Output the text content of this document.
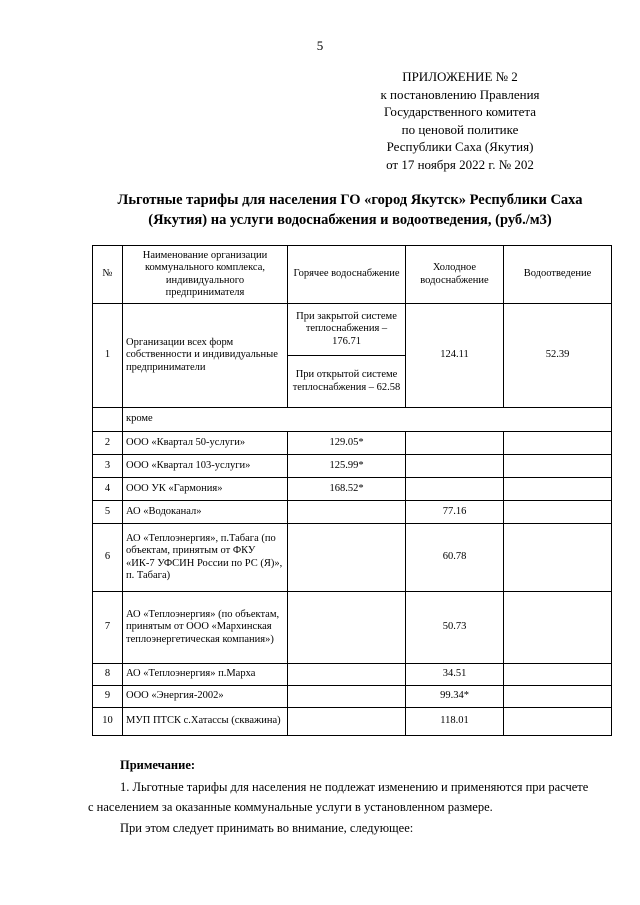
5
ПРИЛОЖЕНИЕ № 2
к постановлению Правления
Государственного комитета
по ценовой политике
Республики Саха (Якутия)
от 17 ноября 2022 г. № 202
Льготные тарифы для населения ГО «город Якутск» Республики Саха
(Якутия) на услуги водоснабжения и водоотведения, (руб./м3)
№	Наименование организации коммунального комплекса, индивидуального предпринимателя	Горячее водоснабжение	Холодное водоснабжение	Водоотведение
1	Организации всех форм собственности и индивидуальные предприниматели	При закрытой системе теплоснабжения – 176.71	124.11	52.39
		При открытой системе теплоснабжения – 62.58		
	кроме			
2	ООО «Квартал 50-услуги»	129.05*		
3	ООО «Квартал 103-услуги»	125.99*		
4	ООО УК «Гармония»	168.52*		
5	АО «Водоканал»		77.16	
6	АО «Теплоэнергия», п.Табага (по объектам, принятым от ФКУ «ИК-7 УФСИН России по РС (Я)», п. Табага)		60.78	
7	АО «Теплоэнергия» (по объектам, принятым от ООО «Мархинская теплоэнергетическая компания»)		50.73	
8	АО «Теплоэнергия» п.Марха		34.51	
9	ООО «Энергия-2002»		99.34*	
10	МУП ПТСК с.Хатассы (скважина)		118.01	
Примечание:
1. Льготные тарифы для населения не подлежат изменению и применяются при расчете
с населением за оказанные коммунальные услуги в установленном размере.
При этом следует принимать во внимание, следующее:
